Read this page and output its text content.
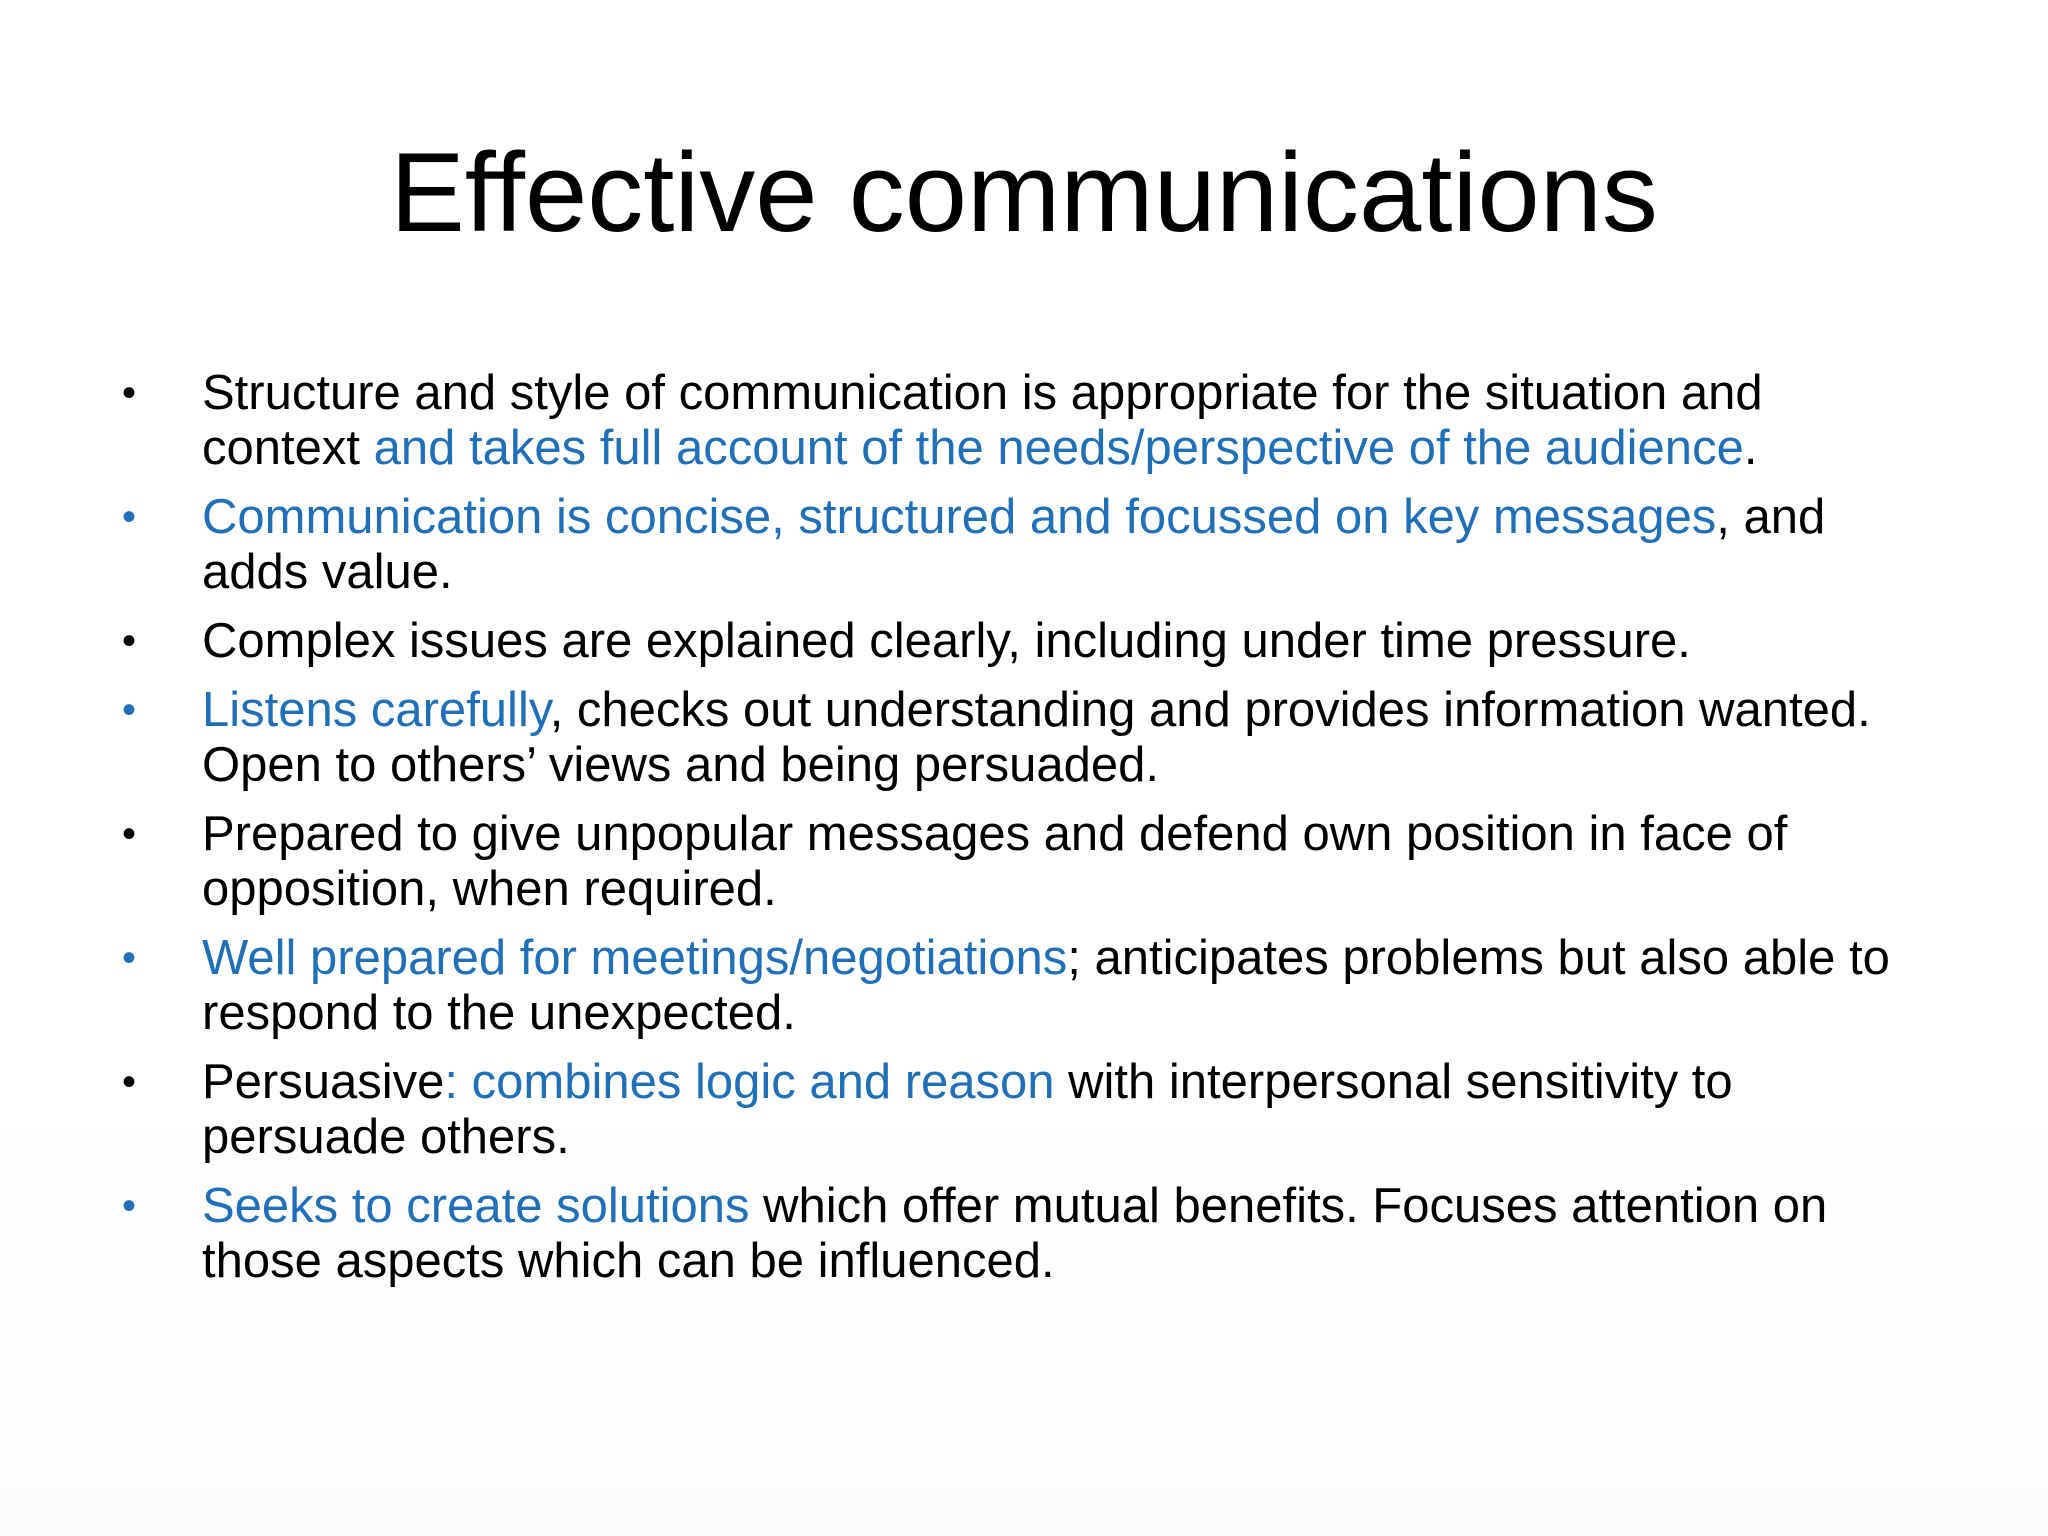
Effective communications
•	Structure and style of communication is appropriate for the situation and context and takes full account of the needs/perspective of the audience.
•	Communication is concise, structured and focussed on key messages, and adds value.
•	Complex issues are explained clearly, including under time pressure.
•	Listens carefully, checks out understanding and provides information wanted. Open to others’ views and being persuaded.
•	Prepared to give unpopular messages and defend own position in face of opposition, when required.
•	Well prepared for meetings/negotiations; anticipates problems but also able to respond to the unexpected.
•	Persuasive: combines logic and reason with interpersonal sensitivity to persuade others.
•	Seeks to create solutions which offer mutual benefits. Focuses attention on those aspects which can be influenced.
